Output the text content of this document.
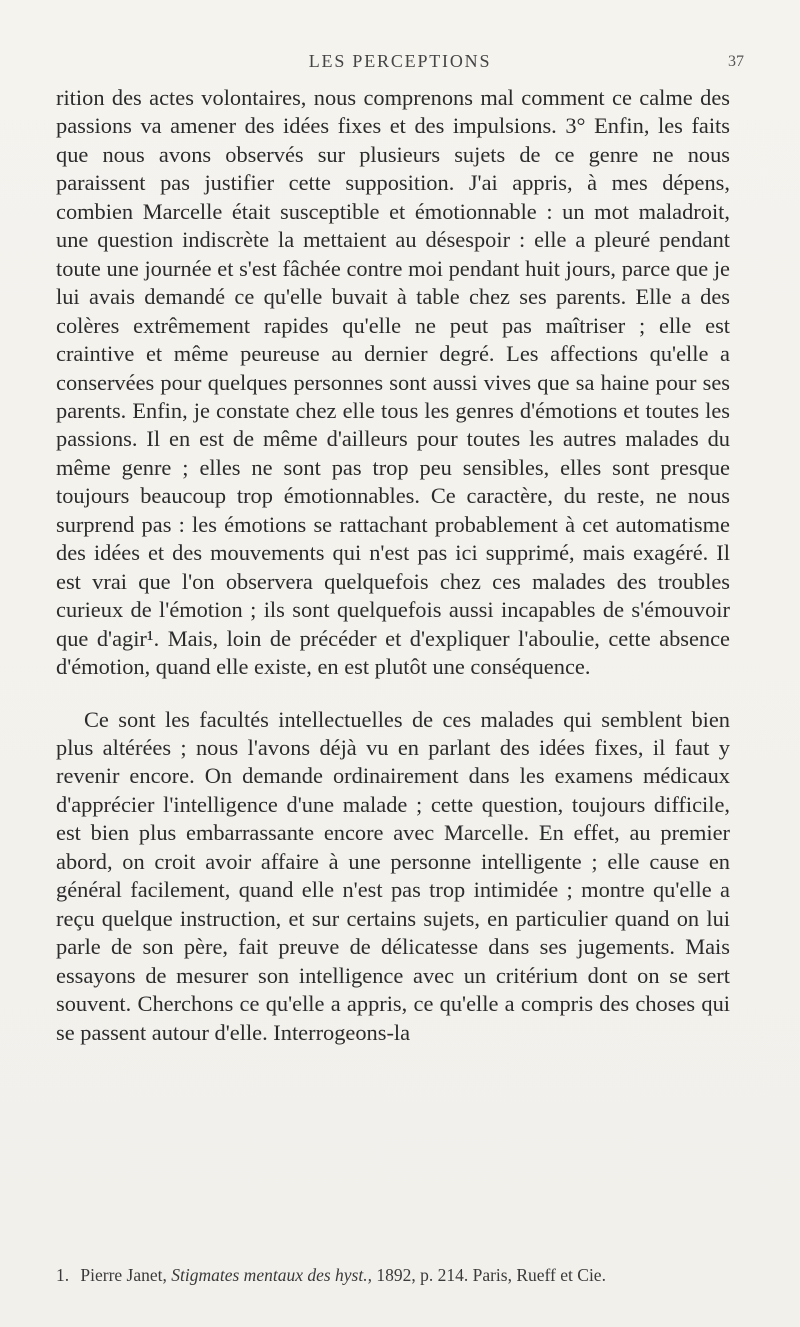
LES PERCEPTIONS	37

rition des actes volontaires, nous comprenons mal comment ce calme des passions va amener des idées fixes et des impulsions. 3° Enfin, les faits que nous avons observés sur plusieurs sujets de ce genre ne nous paraissent pas justifier cette supposition. J'ai appris, à mes dépens, combien Marcelle était susceptible et émotionnable : un mot maladroit, une question indiscrète la mettaient au désespoir : elle a pleuré pendant toute une journée et s'est fâchée contre moi pendant huit jours, parce que je lui avais demandé ce qu'elle buvait à table chez ses parents. Elle a des colères extrêmement rapides qu'elle ne peut pas maîtriser ; elle est craintive et même peureuse au dernier degré. Les affections qu'elle a conservées pour quelques personnes sont aussi vives que sa haine pour ses parents. Enfin, je constate chez elle tous les genres d'émotions et toutes les passions. Il en est de même d'ailleurs pour toutes les autres malades du même genre ; elles ne sont pas trop peu sensibles, elles sont presque toujours beaucoup trop émotionnables. Ce caractère, du reste, ne nous surprend pas : les émotions se rattachant probablement à cet automatisme des idées et des mouvements qui n'est pas ici supprimé, mais exagéré. Il est vrai que l'on observera quelquefois chez ces malades des troubles curieux de l'émotion ; ils sont quelquefois aussi incapables de s'émouvoir que d'agir¹. Mais, loin de précéder et d'expliquer l'aboulie, cette absence d'émotion, quand elle existe, en est plutôt une conséquence.

Ce sont les facultés intellectuelles de ces malades qui semblent bien plus altérées ; nous l'avons déjà vu en parlant des idées fixes, il faut y revenir encore. On demande ordinairement dans les examens médicaux d'apprécier l'intelligence d'une malade ; cette question, toujours difficile, est bien plus embarrassante encore avec Marcelle. En effet, au premier abord, on croit avoir affaire à une personne intelligente ; elle cause en général facilement, quand elle n'est pas trop intimidée ; montre qu'elle a reçu quelque instruction, et sur certains sujets, en particulier quand on lui parle de son père, fait preuve de délicatesse dans ses jugements. Mais essayons de mesurer son intelligence avec un critérium dont on se sert souvent. Cherchons ce qu'elle a appris, ce qu'elle a compris des choses qui se passent autour d'elle. Interrogeons-la

1. Pierre Janet, Stigmates mentaux des hyst., 1892, p. 214. Paris, Rueff et Cie.
